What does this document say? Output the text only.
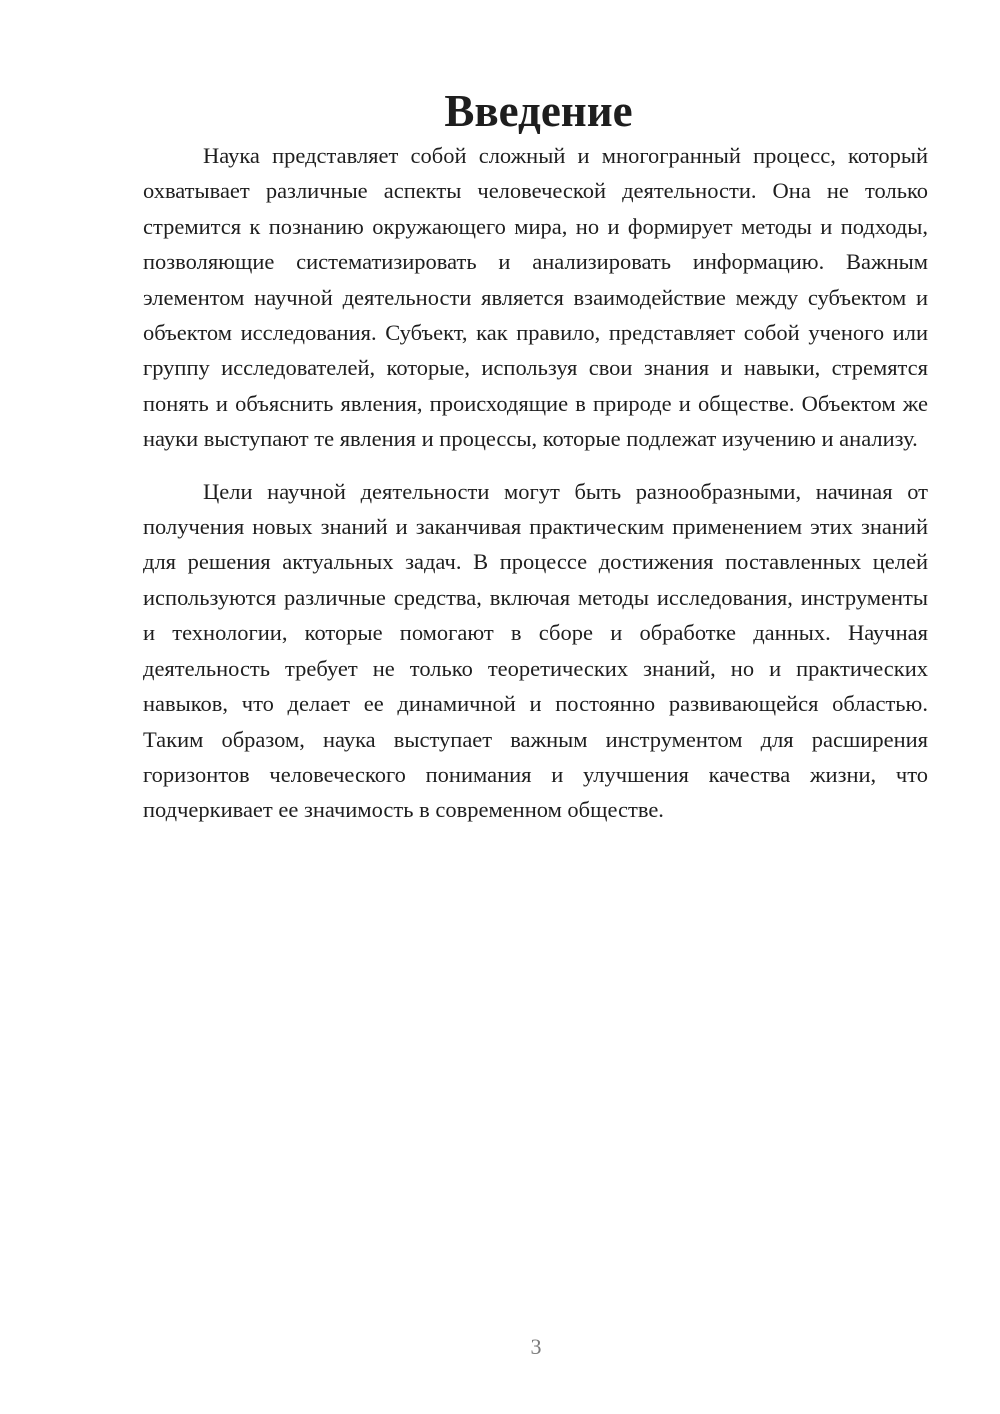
Введение

Наука представляет собой сложный и многогранный процесс, который охватывает различные аспекты человеческой деятельности. Она не только стремится к познанию окружающего мира, но и формирует методы и подходы, позволяющие систематизировать и анализировать информацию. Важным элементом научной деятельности является взаимодействие между субъектом и объектом исследования. Субъект, как правило, представляет собой ученого или группу исследователей, которые, используя свои знания и навыки, стремятся понять и объяснить явления, происходящие в природе и обществе. Объектом же науки выступают те явления и процессы, которые подлежат изучению и анализу.

Цели научной деятельности могут быть разнообразными, начиная от получения новых знаний и заканчивая практическим применением этих знаний для решения актуальных задач. В процессе достижения поставленных целей используются различные средства, включая методы исследования, инструменты и технологии, которые помогают в сборе и обработке данных. Научная деятельность требует не только теоретических знаний, но и практических навыков, что делает ее динамичной и постоянно развивающейся областью. Таким образом, наука выступает важным инструментом для расширения горизонтов человеческого понимания и улучшения качества жизни, что подчеркивает ее значимость в современном обществе.

3
